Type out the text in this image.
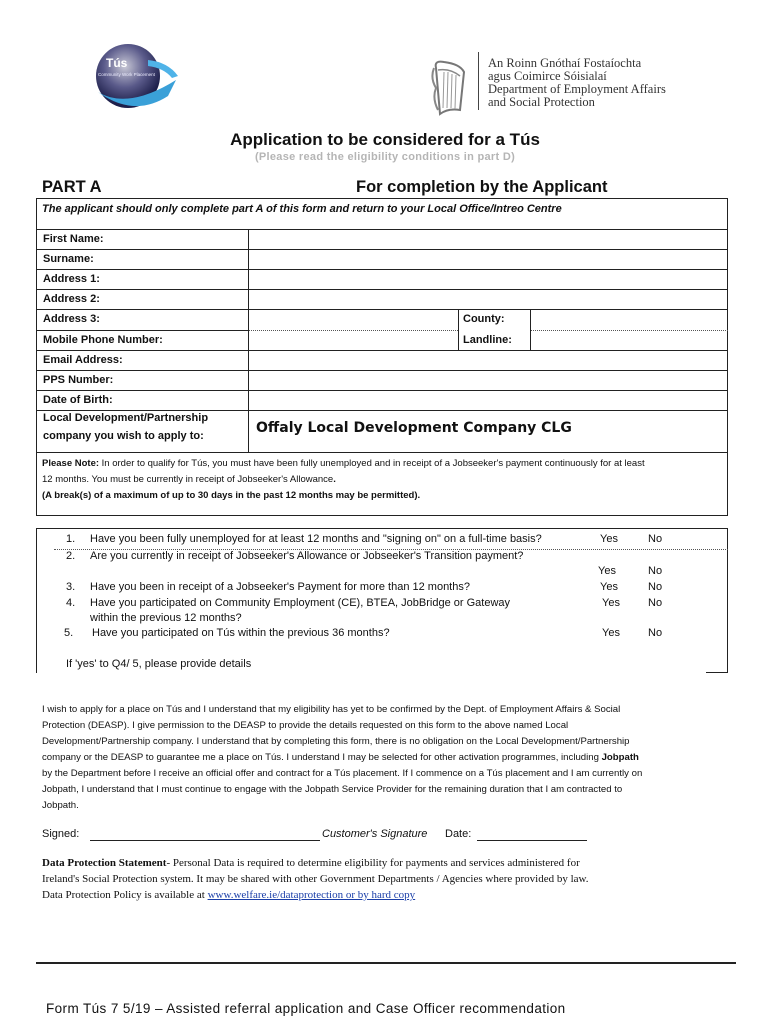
Tús
Community Work Placement
An Roinn Gnóthaí Fostaíochta
agus Coimirce Sóisialaí
Department of Employment Affairs
and Social Protection
Application to be considered for a Tús
(Please read the eligibility conditions in part D)
PART A	For completion by the Applicant
The applicant should only complete part A of this form and return to your Local Office/Intreo Centre
First Name:
Surname:
Address 1:
Address 2:
Address 3:	County:
Mobile Phone Number:	Landline:
Email Address:
PPS Number:
Date of Birth:
Local Development/Partnership
company you wish to apply to:	Offaly Local Development Company CLG
Please Note: In order to qualify for Tús, you must have been fully unemployed and in receipt of a Jobseeker's payment continuously for at least
12 months. You must be currently in receipt of Jobseeker's Allowance.
(A break(s) of a maximum of up to 30 days in the past 12 months may be permitted).
1. Have you been fully unemployed for at least 12 months and "signing on" on a full-time basis?	Yes	No
2. Are you currently in receipt of Jobseeker's Allowance or Jobseeker's Transition payment?
Yes	No
3. Have you been in receipt of a Jobseeker's Payment for more than 12 months?	Yes	No
4. Have you participated on Community Employment (CE), BTEA, JobBridge or Gateway
within the previous 12 months?
Yes	No
5. Have you participated on Tús within the previous 36 months?	Yes	No
If 'yes' to Q4/ 5, please provide details
I wish to apply for a place on Tús and I understand that my eligibility has yet to be confirmed by the Dept. of Employment Affairs & Social
Protection (DEASP). I give permission to the DEASP to provide the details requested on this form to the above named Local
Development/Partnership company. I understand that by completing this form, there is no obligation on the Local Development/Partnership
company or the DEASP to guarantee me a place on Tús. I understand I may be selected for other activation programmes, including Jobpath
by the Department before I receive an official offer and contract for a Tús placement. If I commence on a Tús placement and I am currently on
Jobpath, I understand that I must continue to engage with the Jobpath Service Provider for the remaining duration that I am contracted to
Jobpath.
Signed:	Customer's Signature Date:
Data Protection Statement- Personal Data is required to determine eligibility for payments and services administered for
Ireland's Social Protection system. It may be shared with other Government Departments / Agencies where provided by law.
Data Protection Policy is available at www.welfare.ie/dataprotection or by hard copy
Form Tús 7 5/19 – Assisted referral application and Case Officer recommendation
